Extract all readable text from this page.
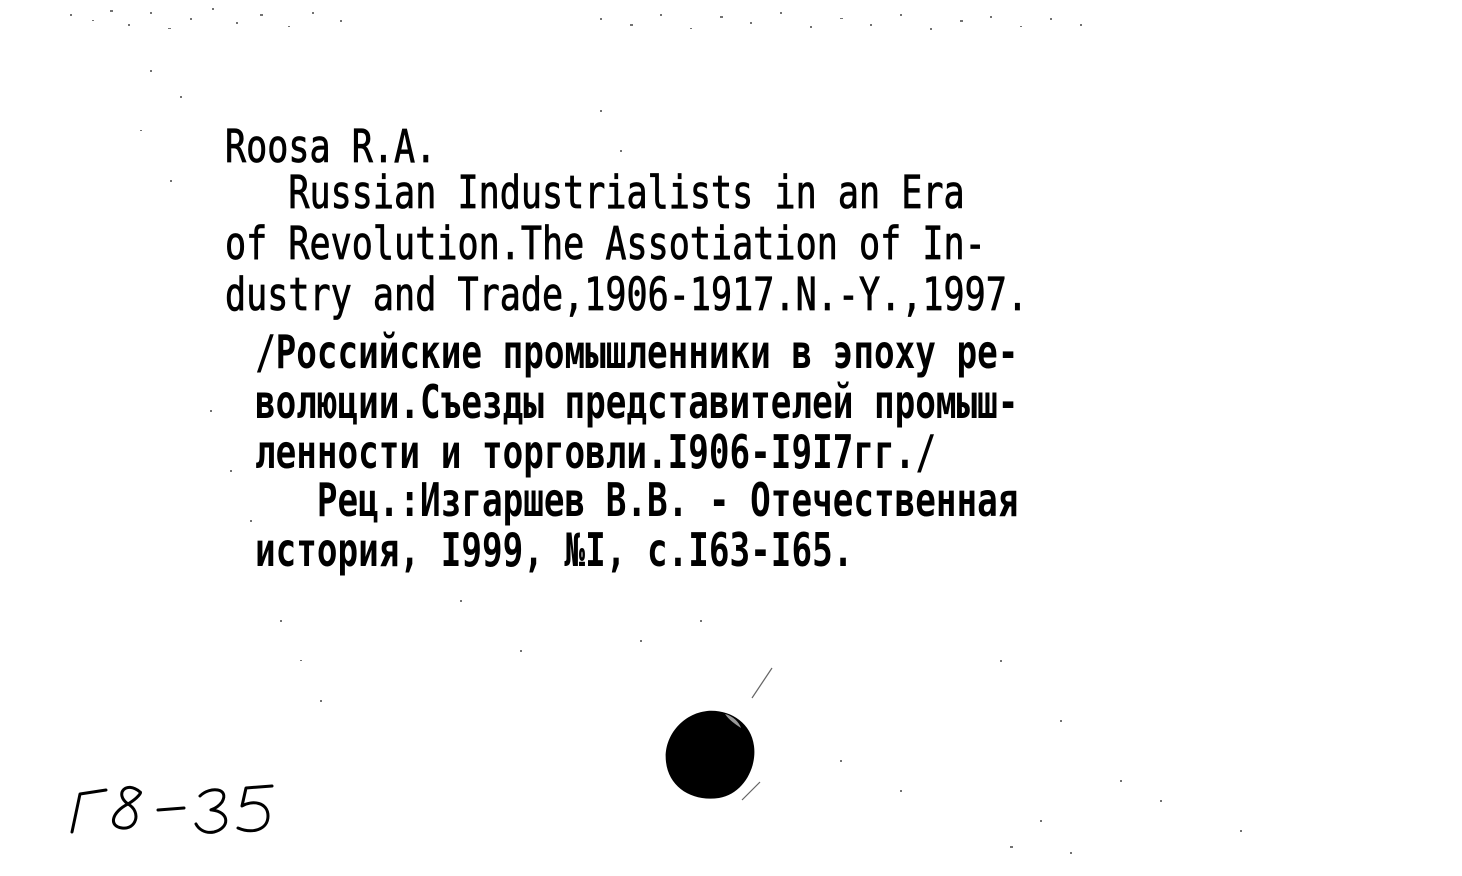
Roosa R.A.
Russian Industrialists in an Era
of Revolution.The Assotiation of In-
dustry and Trade,1906-1917.N.-Y.,1997.
/Российские промышленники в эпоху ре-
волюции.Съезды представителей промыш-
ленности и торговли.I906-I9I7гг./
Рец.:Изгаршев В.В. - Отечественная
история, I999, №I, с.I63-I65.
